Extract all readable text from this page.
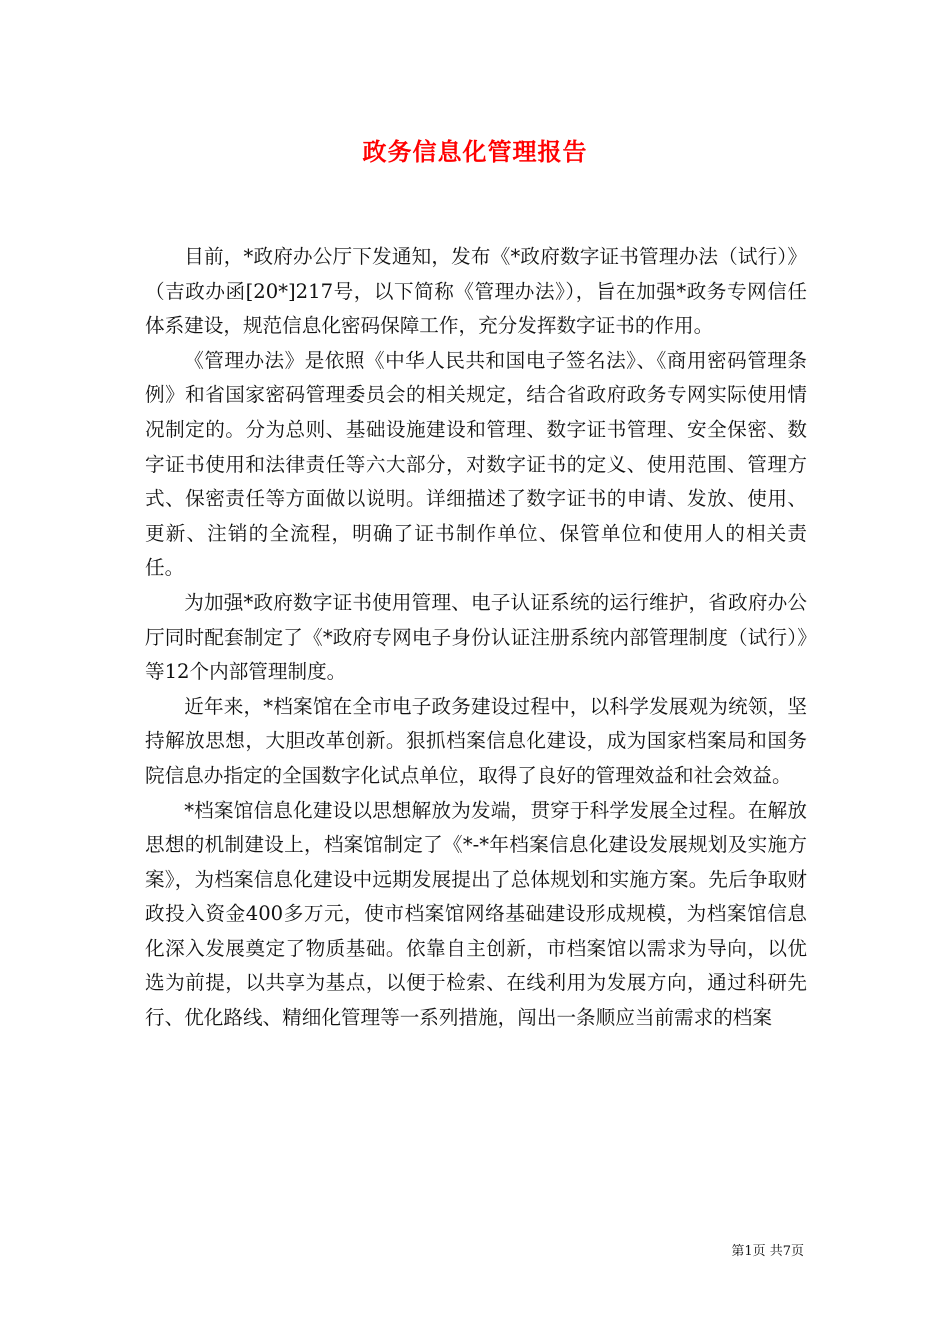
政务信息化管理报告

目前，*政府办公厅下发通知，发布《*政府数字证书管理办法（试行）》（吉政办函[20*]217号，以下简称《管理办法》），旨在加强*政务专网信任体系建设，规范信息化密码保障工作，充分发挥数字证书的作用。

《管理办法》是依照《中华人民共和国电子签名法》、《商用密码管理条例》和省国家密码管理委员会的相关规定，结合省政府政务专网实际使用情况制定的。分为总则、基础设施建设和管理、数字证书管理、安全保密、数字证书使用和法律责任等六大部分，对数字证书的定义、使用范围、管理方式、保密责任等方面做以说明。详细描述了数字证书的申请、发放、使用、更新、注销的全流程，明确了证书制作单位、保管单位和使用人的相关责任。

为加强*政府数字证书使用管理、电子认证系统的运行维护，省政府办公厅同时配套制定了《*政府专网电子身份认证注册系统内部管理制度（试行）》等12个内部管理制度。

近年来，*档案馆在全市电子政务建设过程中，以科学发展观为统领，坚持解放思想，大胆改革创新。狠抓档案信息化建设，成为国家档案局和国务院信息办指定的全国数字化试点单位，取得了良好的管理效益和社会效益。

*档案馆信息化建设以思想解放为发端，贯穿于科学发展全过程。在解放思想的机制建设上，档案馆制定了《*-*年档案信息化建设发展规划及实施方案》，为档案信息化建设中远期发展提出了总体规划和实施方案。先后争取财政投入资金400多万元，使市档案馆网络基础建设形成规模，为档案馆信息化深入发展奠定了物质基础。依靠自主创新，市档案馆以需求为导向，以优选为前提，以共享为基点，以便于检索、在线利用为发展方向，通过科研先行、优化路线、精细化管理等一系列措施，闯出一条顺应当前需求的档案

第1页 共7页
